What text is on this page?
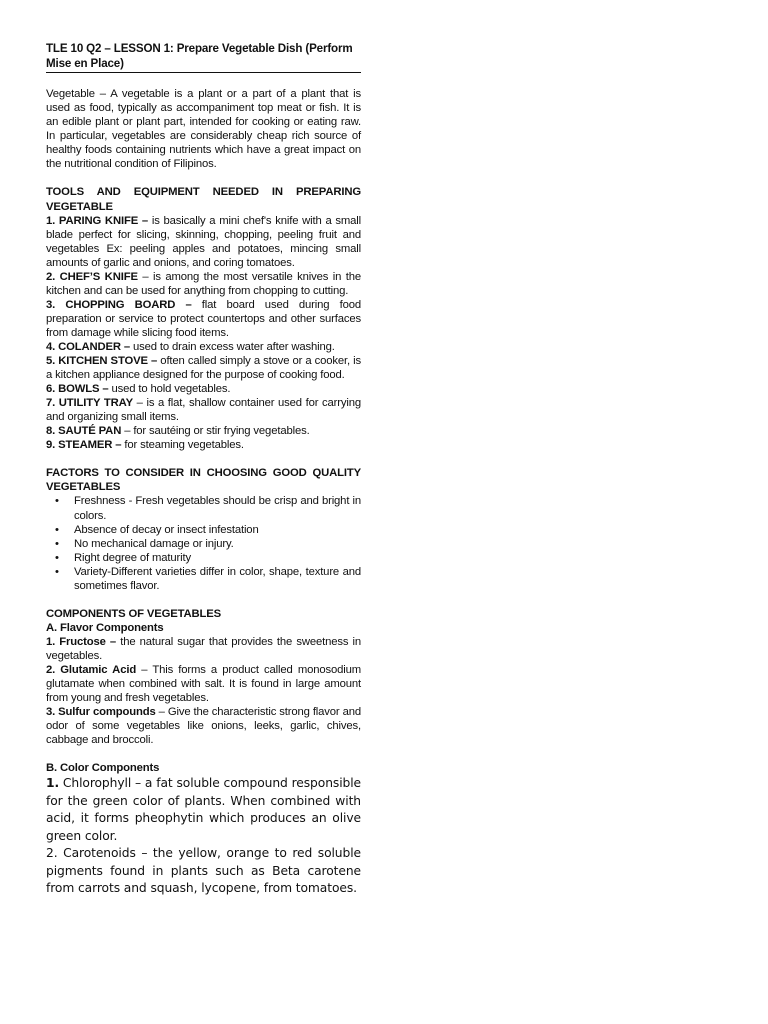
TLE 10 Q2 – LESSON 1: Prepare Vegetable Dish (Perform Mise en Place)

Vegetable – A vegetable is a plant or a part of a plant that is used as food, typically as accompaniment top meat or fish. It is an edible plant or plant part, intended for cooking or eating raw. In particular, vegetables are considerably cheap rich source of healthy foods containing nutrients which have a great impact on the nutritional condition of Filipinos.

TOOLS AND EQUIPMENT NEEDED IN PREPARING VEGETABLE
1. PARING KNIFE – is basically a mini chef's knife with a small blade perfect for slicing, skinning, chopping, peeling fruit and vegetables Ex: peeling apples and potatoes, mincing small amounts of garlic and onions, and coring tomatoes.
2. CHEF’S KNIFE – is among the most versatile knives in the kitchen and can be used for anything from chopping to cutting.
3. CHOPPING BOARD – flat board used during food preparation or service to protect countertops and other surfaces from damage while slicing food items.
4. COLANDER – used to drain excess water after washing.
5. KITCHEN STOVE – often called simply a stove or a cooker, is a kitchen appliance designed for the purpose of cooking food.
6. BOWLS – used to hold vegetables.
7. UTILITY TRAY – is a flat, shallow container used for carrying and organizing small items.
8. SAUTÉ PAN – for sautéing or stir frying vegetables.
9. STEAMER – for steaming vegetables.
FACTORS TO CONSIDER IN CHOOSING GOOD QUALITY VEGETABLES
• Freshness - Fresh vegetables should be crisp and bright in colors.
• Absence of decay or insect infestation
• No mechanical damage or injury.
• Right degree of maturity
• Variety-Different varieties differ in color, shape, texture and sometimes flavor.
COMPONENTS OF VEGETABLES
A. Flavor Components
1. Fructose – the natural sugar that provides the sweetness in vegetables.
2. Glutamic Acid – This forms a product called monosodium glutamate when combined with salt. It is found in large amount from young and fresh vegetables.
3. Sulfur compounds – Give the characteristic strong flavor and odor of some vegetables like onions, leeks, garlic, chives, cabbage and broccoli.
B. Color Components
1. Chlorophyll – a fat soluble compound responsible for the green color of plants. When combined with acid, it forms pheophytin which produces an olive green color.
2. Carotenoids – the yellow, orange to red soluble pigments found in plants such as Beta carotene from carrots and squash, lycopene, from tomatoes.
